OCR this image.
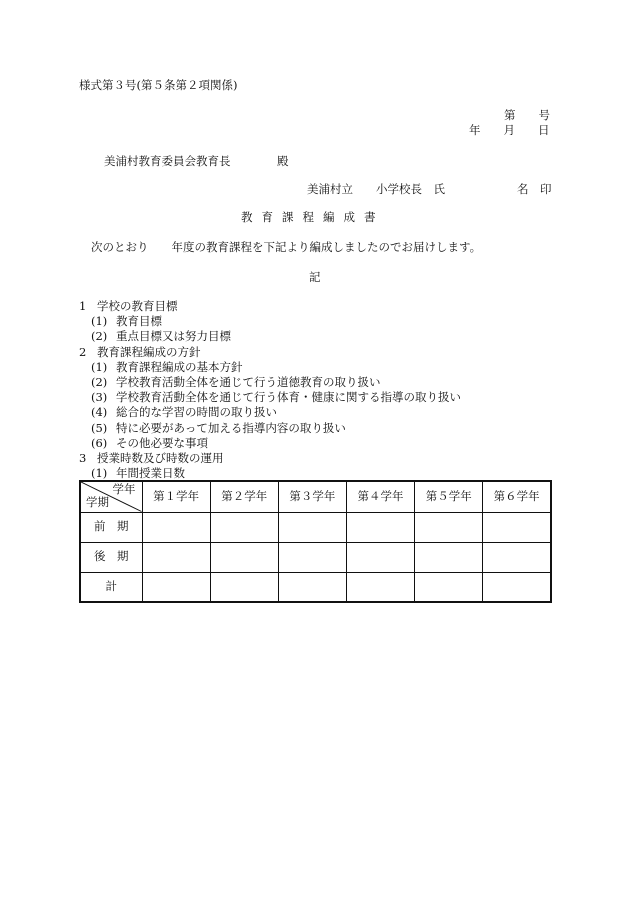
様式第３号(第５条第２項関係)
第　　号
年　　月　　日
美浦村教育委員会教育長	殿
美浦村立　　小学校長　氏	名　印
教育課程編成書
次のとおり　　年度の教育課程を下記より編成しましたのでお届けします。
記
1 学校の教育目標
(1) 教育目標
(2) 重点目標又は努力目標
2 教育課程編成の方針
(1) 教育課程編成の基本方針
(2) 学校教育活動全体を通じて行う道徳教育の取り扱い
(3) 学校教育活動全体を通じて行う体育・健康に関する指導の取り扱い
(4) 総合的な学習の時間の取り扱い
(5) 特に必要があって加える指導内容の取り扱い
(6) その他必要な事項
3 授業時数及び時数の運用
(1) 年間授業日数
学年
学期	第１学年	第２学年	第３学年	第４学年	第５学年	第６学年
前　期						
後　期						
計						
